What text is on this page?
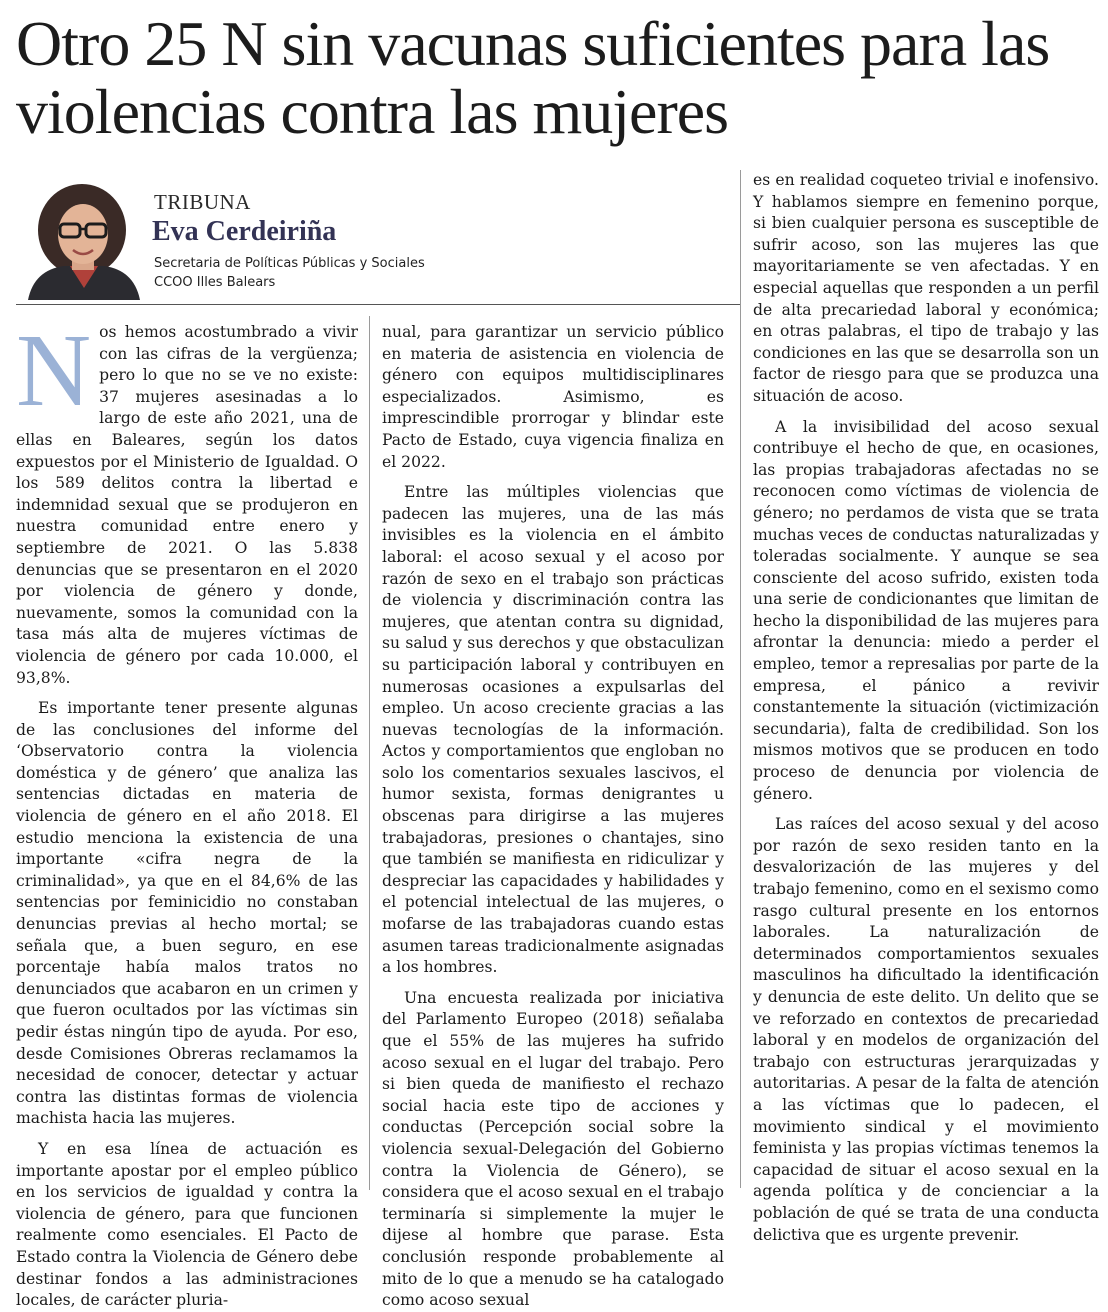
Otro 25 N sin vacunas suficientes para las violencias contra las mujeres
TRIBUNA
Eva Cerdeiriña
Secretaria de Políticas Públicas y Sociales
CCOO Illes Balears

Nos hemos acostumbrado a vivir con las cifras de la vergüenza; pero lo que no se ve no existe: 37 mujeres asesinadas a lo largo de este año 2021, una de ellas en Baleares, según los datos expuestos por el Ministerio de Igualdad. O los 589 delitos contra la libertad e indemnidad sexual que se produjeron en nuestra comunidad entre enero y septiembre de 2021. O las 5.838 denuncias que se presentaron en el 2020 por violencia de género y donde, nuevamente, somos la comunidad con la tasa más alta de mujeres víctimas de violencia de género por cada 10.000, el 93,8%.

Es importante tener presente algunas de las conclusiones del informe del ‘Observatorio contra la violencia doméstica y de género’ que analiza las sentencias dictadas en materia de violencia de género en el año 2018. El estudio menciona la existencia de una importante «cifra negra de la criminalidad», ya que en el 84,6% de las sentencias por feminicidio no constaban denuncias previas al hecho mortal; se señala que, a buen seguro, en ese porcentaje había malos tratos no denunciados que acabaron en un crimen y que fueron ocultados por las víctimas sin pedir éstas ningún tipo de ayuda. Por eso, desde Comisiones Obreras reclamamos la necesidad de conocer, detectar y actuar contra las distintas formas de violencia machista hacia las mujeres.

Y en esa línea de actuación es importante apostar por el empleo público en los servicios de igualdad y contra la violencia de género, para que funcionen realmente como esenciales. El Pacto de Estado contra la Violencia de Género debe destinar fondos a las administraciones locales, de carácter pluria-

nual, para garantizar un servicio público en materia de asistencia en violencia de género con equipos multidisciplinares especializados. Asimismo, es imprescindible prorrogar y blindar este Pacto de Estado, cuya vigencia finaliza en el 2022.

Entre las múltiples violencias que padecen las mujeres, una de las más invisibles es la violencia en el ámbito laboral: el acoso sexual y el acoso por razón de sexo en el trabajo son prácticas de violencia y discriminación contra las mujeres, que atentan contra su dignidad, su salud y sus derechos y que obstaculizan su participación laboral y contribuyen en numerosas ocasiones a expulsarlas del empleo. Un acoso creciente gracias a las nuevas tecnologías de la información. Actos y comportamientos que engloban no solo los comentarios sexuales lascivos, el humor sexista, formas denigrantes u obscenas para dirigirse a las mujeres trabajadoras, presiones o chantajes, sino que también se manifiesta en ridiculizar y despreciar las capacidades y habilidades y el potencial intelectual de las mujeres, o mofarse de las trabajadoras cuando estas asumen tareas tradicionalmente asignadas a los hombres.

Una encuesta realizada por iniciativa del Parlamento Europeo (2018) señalaba que el 55% de las mujeres ha sufrido acoso sexual en el lugar del trabajo. Pero si bien queda de manifiesto el rechazo social hacia este tipo de acciones y conductas (Percepción social sobre la violencia sexual-Delegación del Gobierno contra la Violencia de Género), se considera que el acoso sexual en el trabajo terminaría si simplemente la mujer le dijese al hombre que parase. Esta conclusión responde probablemente al mito de lo que a menudo se ha catalogado como acoso sexual

es en realidad coqueteo trivial e inofensivo. Y hablamos siempre en femenino porque, si bien cualquier persona es susceptible de sufrir acoso, son las mujeres las que mayoritariamente se ven afectadas. Y en especial aquellas que responden a un perfil de alta precariedad laboral y económica; en otras palabras, el tipo de trabajo y las condiciones en las que se desarrolla son un factor de riesgo para que se produzca una situación de acoso.

A la invisibilidad del acoso sexual contribuye el hecho de que, en ocasiones, las propias trabajadoras afectadas no se reconocen como víctimas de violencia de género; no perdamos de vista que se trata muchas veces de conductas naturalizadas y toleradas socialmente. Y aunque se sea consciente del acoso sufrido, existen toda una serie de condicionantes que limitan de hecho la disponibilidad de las mujeres para afrontar la denuncia: miedo a perder el empleo, temor a represalias por parte de la empresa, el pánico a revivir constantemente la situación (victimización secundaria), falta de credibilidad. Son los mismos motivos que se producen en todo proceso de denuncia por violencia de género.

Las raíces del acoso sexual y del acoso por razón de sexo residen tanto en la desvalorización de las mujeres y del trabajo femenino, como en el sexismo como rasgo cultural presente en los entornos laborales. La naturalización de determinados comportamientos sexuales masculinos ha dificultado la identificación y denuncia de este delito. Un delito que se ve reforzado en contextos de precariedad laboral y en modelos de organización del trabajo con estructuras jerarquizadas y autoritarias. A pesar de la falta de atención a las víctimas que lo padecen, el movimiento sindical y el movimiento feminista y las propias víctimas tenemos la capacidad de situar el acoso sexual en la agenda política y de concienciar a la población de qué se trata de una conducta delictiva que es urgente prevenir.
